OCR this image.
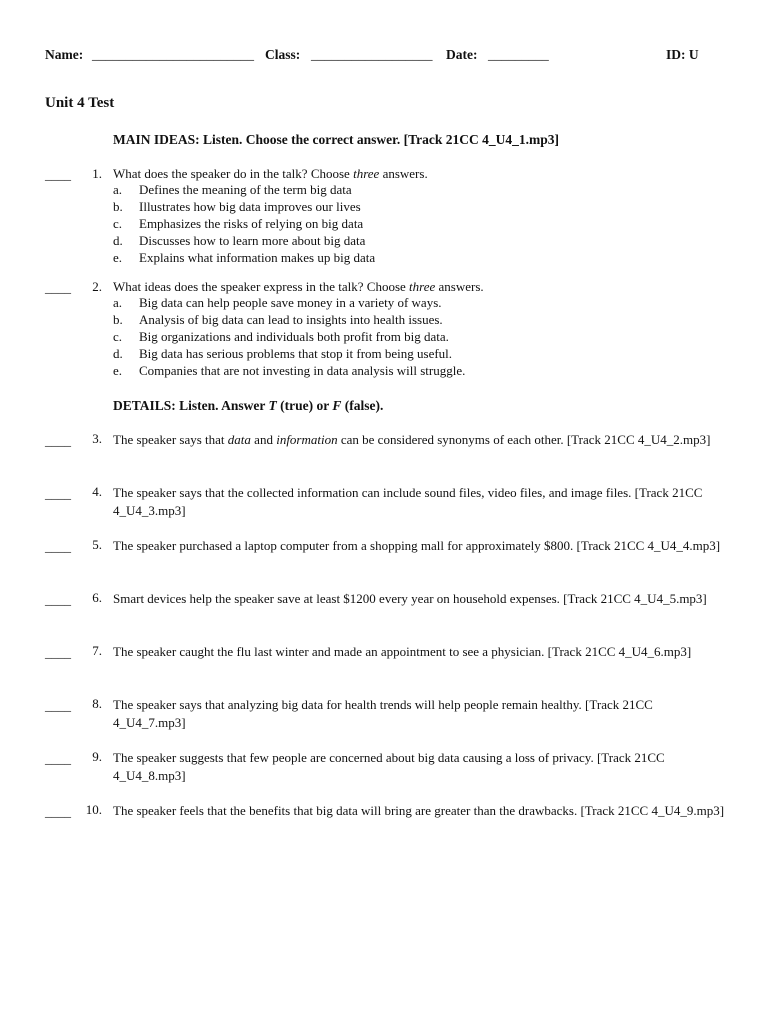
Name: ________________________ Class: __________________ Date: _________	ID: U
Unit 4 Test
MAIN IDEAS: Listen. Choose the correct answer. [Track 21CC 4_U4_1.mp3]
____	1. What does the speaker do in the talk? Choose three answers.
a. Defines the meaning of the term big data
b. Illustrates how big data improves our lives
c. Emphasizes the risks of relying on big data
d. Discusses how to learn more about big data
e. Explains what information makes up big data
____	2. What ideas does the speaker express in the talk? Choose three answers.
a. Big data can help people save money in a variety of ways.
b. Analysis of big data can lead to insights into health issues.
c. Big organizations and individuals both profit from big data.
d. Big data has serious problems that stop it from being useful.
e. Companies that are not investing in data analysis will struggle.
DETAILS: Listen. Answer T (true) or F (false).
____	3. The speaker says that data and information can be considered synonyms of each other. [Track 21CC 4_U4_2.mp3]
____	4. The speaker says that the collected information can include sound files, video files, and image files. [Track 21CC 4_U4_3.mp3]
____	5. The speaker purchased a laptop computer from a shopping mall for approximately $800. [Track 21CC 4_U4_4.mp3]
____	6. Smart devices help the speaker save at least $1200 every year on household expenses. [Track 21CC 4_U4_5.mp3]
____	7. The speaker caught the flu last winter and made an appointment to see a physician. [Track 21CC 4_U4_6.mp3]
____	8. The speaker says that analyzing big data for health trends will help people remain healthy. [Track 21CC 4_U4_7.mp3]
____	9. The speaker suggests that few people are concerned about big data causing a loss of privacy. [Track 21CC 4_U4_8.mp3]
____	10. The speaker feels that the benefits that big data will bring are greater than the drawbacks. [Track 21CC 4_U4_9.mp3]
